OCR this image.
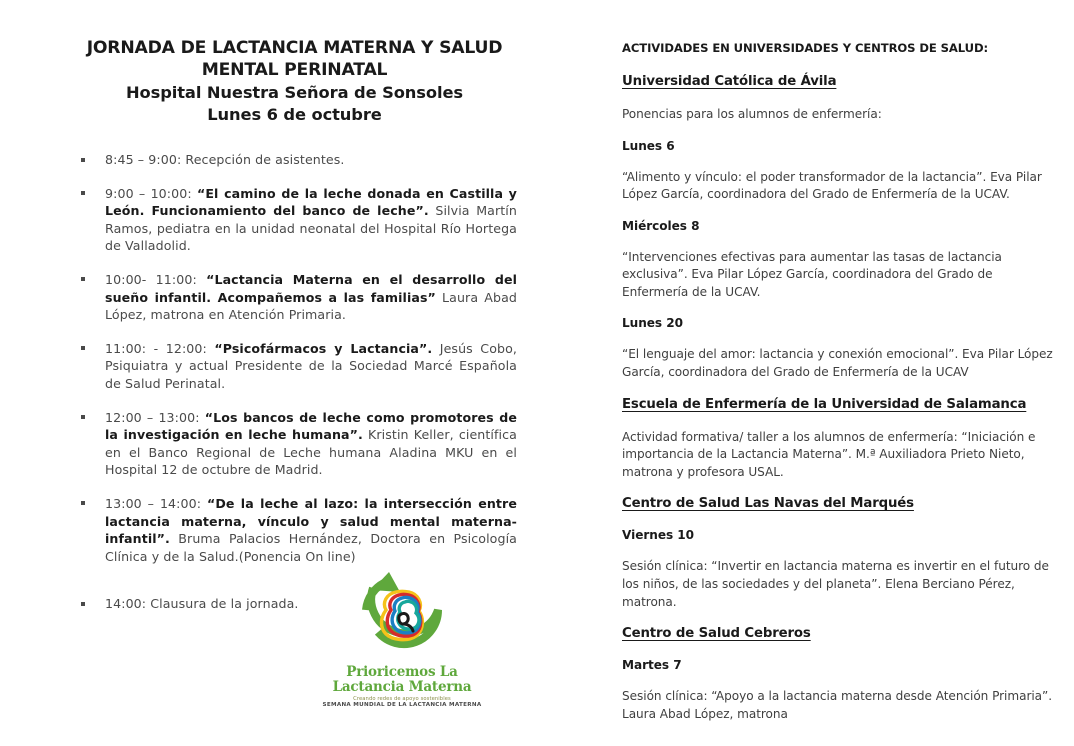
JORNADA DE LACTANCIA MATERNA Y SALUD
MENTAL PERINATAL
Hospital Nuestra Señora de Sonsoles
Lunes 6 de octubre
8:45 – 9:00: Recepción de asistentes.
9:00 – 10:00: “El camino de la leche donada en Castilla y León. Funcionamiento del banco de leche”. Silvia Martín Ramos, pediatra en la unidad neonatal del Hospital Río Hortega de Valladolid.
10:00- 11:00: “Lactancia Materna en el desarrollo del sueño infantil. Acompañemos a las familias” Laura Abad López, matrona en Atención Primaria.
11:00: - 12:00: “Psicofármacos y Lactancia”. Jesús Cobo, Psiquiatra y actual Presidente de la Sociedad Marcé Española de Salud Perinatal.
12:00 – 13:00: “Los bancos de leche como promotores de la investigación en leche humana”. Kristin Keller, científica en el Banco Regional de Leche humana Aladina MKU en el Hospital 12 de octubre de Madrid.
13:00 – 14:00: “De la leche al lazo: la intersección entre lactancia materna, vínculo y salud mental materna- infantil”. Bruma Palacios Hernández, Doctora en Psicología Clínica y de la Salud.(Ponencia On line)
14:00: Clausura de la jornada.
Prioricemos La
Lactancia Materna
Creando redes de apoyo sostenibles
SEMANA MUNDIAL DE LA LACTANCIA MATERNA
ACTIVIDADES EN UNIVERSIDADES Y CENTROS DE SALUD:
Universidad Católica de Ávila
Ponencias para los alumnos de enfermería:
Lunes 6
“Alimento y vínculo: el poder transformador de la lactancia”. Eva Pilar López García, coordinadora del Grado de Enfermería de la UCAV.
Miércoles 8
“Intervenciones efectivas para aumentar las tasas de lactancia exclusiva”. Eva Pilar López García, coordinadora del Grado de Enfermería de la UCAV.
Lunes 20
“El lenguaje del amor: lactancia y conexión emocional”. Eva Pilar López García, coordinadora del Grado de Enfermería de la UCAV
Escuela de Enfermería de la Universidad de Salamanca
Actividad formativa/ taller a los alumnos de enfermería: “Iniciación e importancia de la Lactancia Materna”. M.ª Auxiliadora Prieto Nieto, matrona y profesora USAL.
Centro de Salud Las Navas del Marqués
Viernes 10
Sesión clínica: “Invertir en lactancia materna es invertir en el futuro de los niños, de las sociedades y del planeta”. Elena Berciano Pérez, matrona.
Centro de Salud Cebreros
Martes 7
Sesión clínica: “Apoyo a la lactancia materna desde Atención Primaria”. Laura Abad López, matrona
